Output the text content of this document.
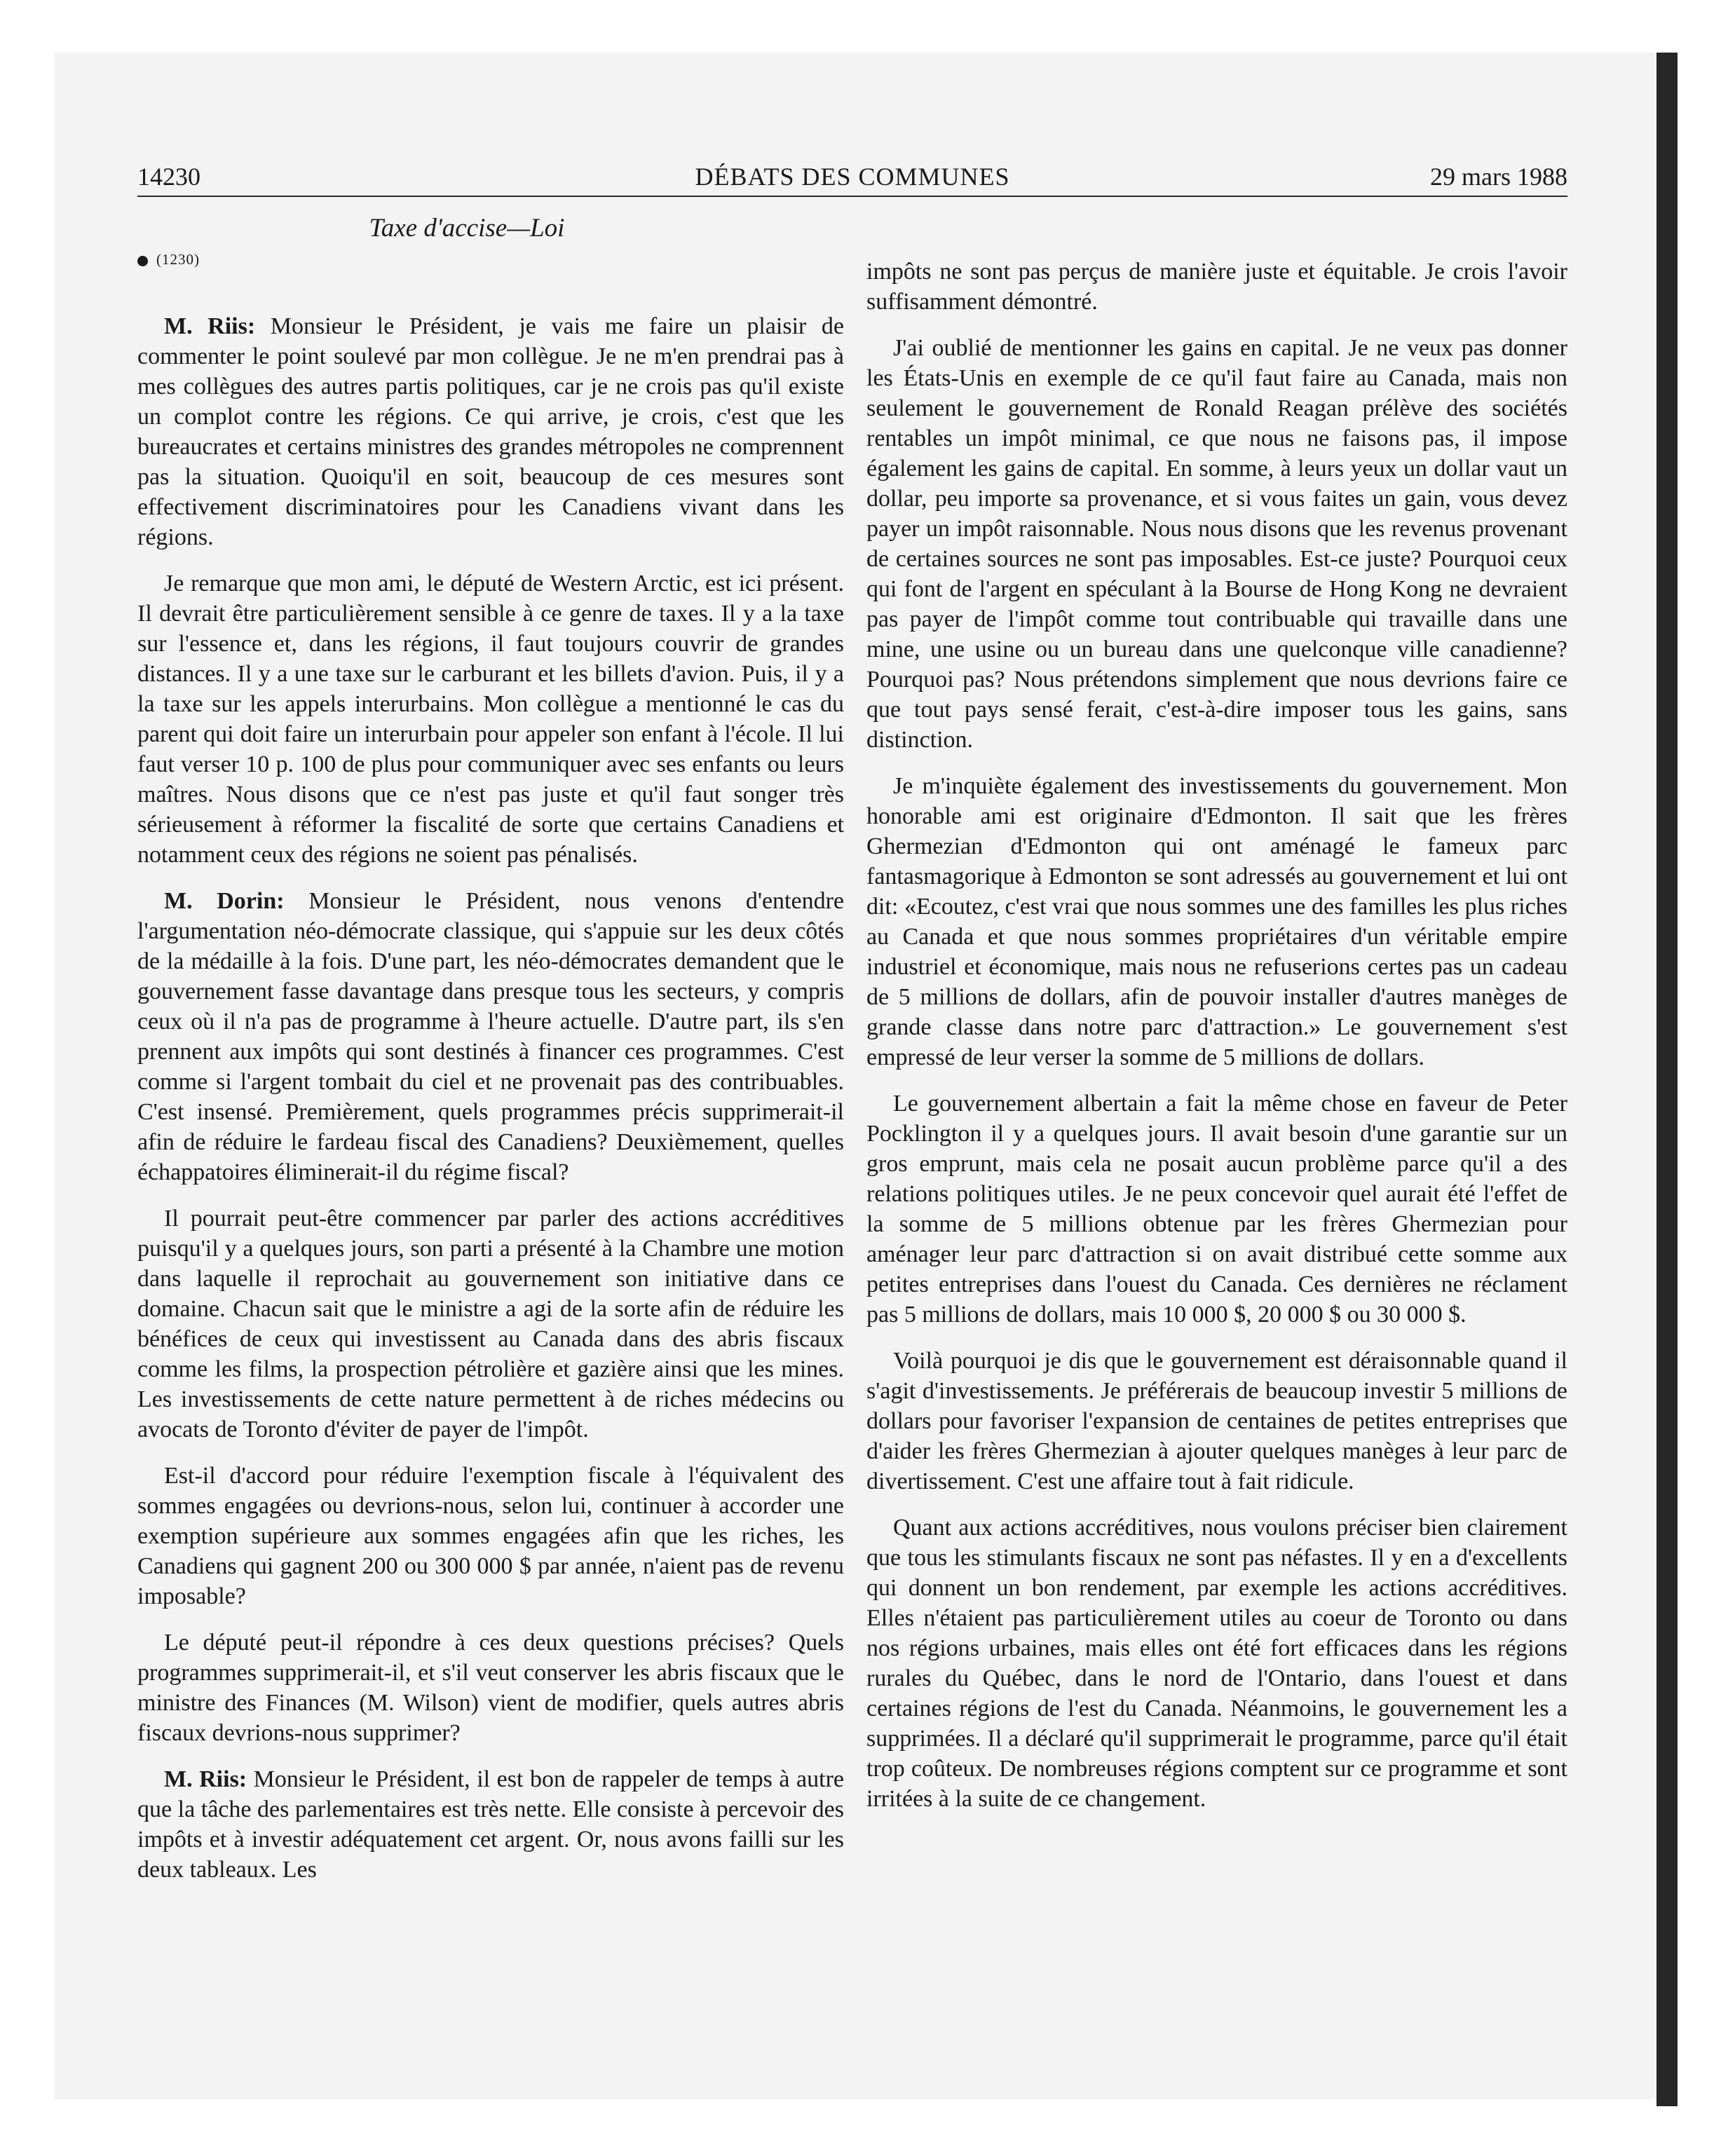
14230	DÉBATS DES COMMUNES	29 mars 1988
Taxe d'accise—Loi
(1230)

M. Riis: Monsieur le Président, je vais me faire un plaisir de commenter le point soulevé par mon collègue. Je ne m'en prendrai pas à mes collègues des autres partis politiques, car je ne crois pas qu'il existe un complot contre les régions. Ce qui arrive, je crois, c'est que les bureaucrates et certains ministres des grandes métropoles ne comprennent pas la situation. Quoiqu'il en soit, beaucoup de ces mesures sont effectivement discriminatoires pour les Canadiens vivant dans les régions.

Je remarque que mon ami, le député de Western Arctic, est ici présent. Il devrait être particulièrement sensible à ce genre de taxes. Il y a la taxe sur l'essence et, dans les régions, il faut toujours couvrir de grandes distances. Il y a une taxe sur le carburant et les billets d'avion. Puis, il y a la taxe sur les appels interurbains. Mon collègue a mentionné le cas du parent qui doit faire un interurbain pour appeler son enfant à l'école. Il lui faut verser 10 p. 100 de plus pour communiquer avec ses enfants ou leurs maîtres. Nous disons que ce n'est pas juste et qu'il faut songer très sérieusement à réformer la fiscalité de sorte que certains Canadiens et notamment ceux des régions ne soient pas pénalisés.

M. Dorin: Monsieur le Président, nous venons d'entendre l'argumentation néo-démocrate classique, qui s'appuie sur les deux côtés de la médaille à la fois. D'une part, les néo-démocrates demandent que le gouvernement fasse davantage dans presque tous les secteurs, y compris ceux où il n'a pas de programme à l'heure actuelle. D'autre part, ils s'en prennent aux impôts qui sont destinés à financer ces programmes. C'est comme si l'argent tombait du ciel et ne provenait pas des contribuables. C'est insensé. Premièrement, quels programmes précis supprimerait-il afin de réduire le fardeau fiscal des Canadiens? Deuxièmement, quelles échappatoires éliminerait-il du régime fiscal?

Il pourrait peut-être commencer par parler des actions accréditives puisqu'il y a quelques jours, son parti a présenté à la Chambre une motion dans laquelle il reprochait au gouvernement son initiative dans ce domaine. Chacun sait que le ministre a agi de la sorte afin de réduire les bénéfices de ceux qui investissent au Canada dans des abris fiscaux comme les films, la prospection pétrolière et gazière ainsi que les mines. Les investissements de cette nature permettent à de riches médecins ou avocats de Toronto d'éviter de payer de l'impôt.

Est-il d'accord pour réduire l'exemption fiscale à l'équivalent des sommes engagées ou devrions-nous, selon lui, continuer à accorder une exemption supérieure aux sommes engagées afin que les riches, les Canadiens qui gagnent 200 ou 300 000 $ par année, n'aient pas de revenu imposable?

Le député peut-il répondre à ces deux questions précises? Quels programmes supprimerait-il, et s'il veut conserver les abris fiscaux que le ministre des Finances (M. Wilson) vient de modifier, quels autres abris fiscaux devrions-nous supprimer?

M. Riis: Monsieur le Président, il est bon de rappeler de temps à autre que la tâche des parlementaires est très nette. Elle consiste à percevoir des impôts et à investir adéquatement cet argent. Or, nous avons failli sur les deux tableaux. Les

impôts ne sont pas perçus de manière juste et équitable. Je crois l'avoir suffisamment démontré.

J'ai oublié de mentionner les gains en capital. Je ne veux pas donner les États-Unis en exemple de ce qu'il faut faire au Canada, mais non seulement le gouvernement de Ronald Reagan prélève des sociétés rentables un impôt minimal, ce que nous ne faisons pas, il impose également les gains de capital. En somme, à leurs yeux un dollar vaut un dollar, peu importe sa provenance, et si vous faites un gain, vous devez payer un impôt raisonnable. Nous nous disons que les revenus provenant de certaines sources ne sont pas imposables. Est-ce juste? Pourquoi ceux qui font de l'argent en spéculant à la Bourse de Hong Kong ne devraient pas payer de l'impôt comme tout contribuable qui travaille dans une mine, une usine ou un bureau dans une quelconque ville canadienne? Pourquoi pas? Nous prétendons simplement que nous devrions faire ce que tout pays sensé ferait, c'est-à-dire imposer tous les gains, sans distinction.

Je m'inquiète également des investissements du gouvernement. Mon honorable ami est originaire d'Edmonton. Il sait que les frères Ghermezian d'Edmonton qui ont aménagé le fameux parc fantasmagorique à Edmonton se sont adressés au gouvernement et lui ont dit: «Ecoutez, c'est vrai que nous sommes une des familles les plus riches au Canada et que nous sommes propriétaires d'un véritable empire industriel et économique, mais nous ne refuserions certes pas un cadeau de 5 millions de dollars, afin de pouvoir installer d'autres manèges de grande classe dans notre parc d'attraction.» Le gouvernement s'est empressé de leur verser la somme de 5 millions de dollars.

Le gouvernement albertain a fait la même chose en faveur de Peter Pocklington il y a quelques jours. Il avait besoin d'une garantie sur un gros emprunt, mais cela ne posait aucun problème parce qu'il a des relations politiques utiles. Je ne peux concevoir quel aurait été l'effet de la somme de 5 millions obtenue par les frères Ghermezian pour aménager leur parc d'attraction si on avait distribué cette somme aux petites entreprises dans l'ouest du Canada. Ces dernières ne réclament pas 5 millions de dollars, mais 10 000 $, 20 000 $ ou 30 000 $.

Voilà pourquoi je dis que le gouvernement est déraisonnable quand il s'agit d'investissements. Je préférerais de beaucoup investir 5 millions de dollars pour favoriser l'expansion de centaines de petites entreprises que d'aider les frères Ghermezian à ajouter quelques manèges à leur parc de divertissement. C'est une affaire tout à fait ridicule.

Quant aux actions accréditives, nous voulons préciser bien clairement que tous les stimulants fiscaux ne sont pas néfastes. Il y en a d'excellents qui donnent un bon rendement, par exemple les actions accréditives. Elles n'étaient pas particulièrement utiles au coeur de Toronto ou dans nos régions urbaines, mais elles ont été fort efficaces dans les régions rurales du Québec, dans le nord de l'Ontario, dans l'ouest et dans certaines régions de l'est du Canada. Néanmoins, le gouvernement les a supprimées. Il a déclaré qu'il supprimerait le programme, parce qu'il était trop coûteux. De nombreuses régions comptent sur ce programme et sont irritées à la suite de ce changement.
